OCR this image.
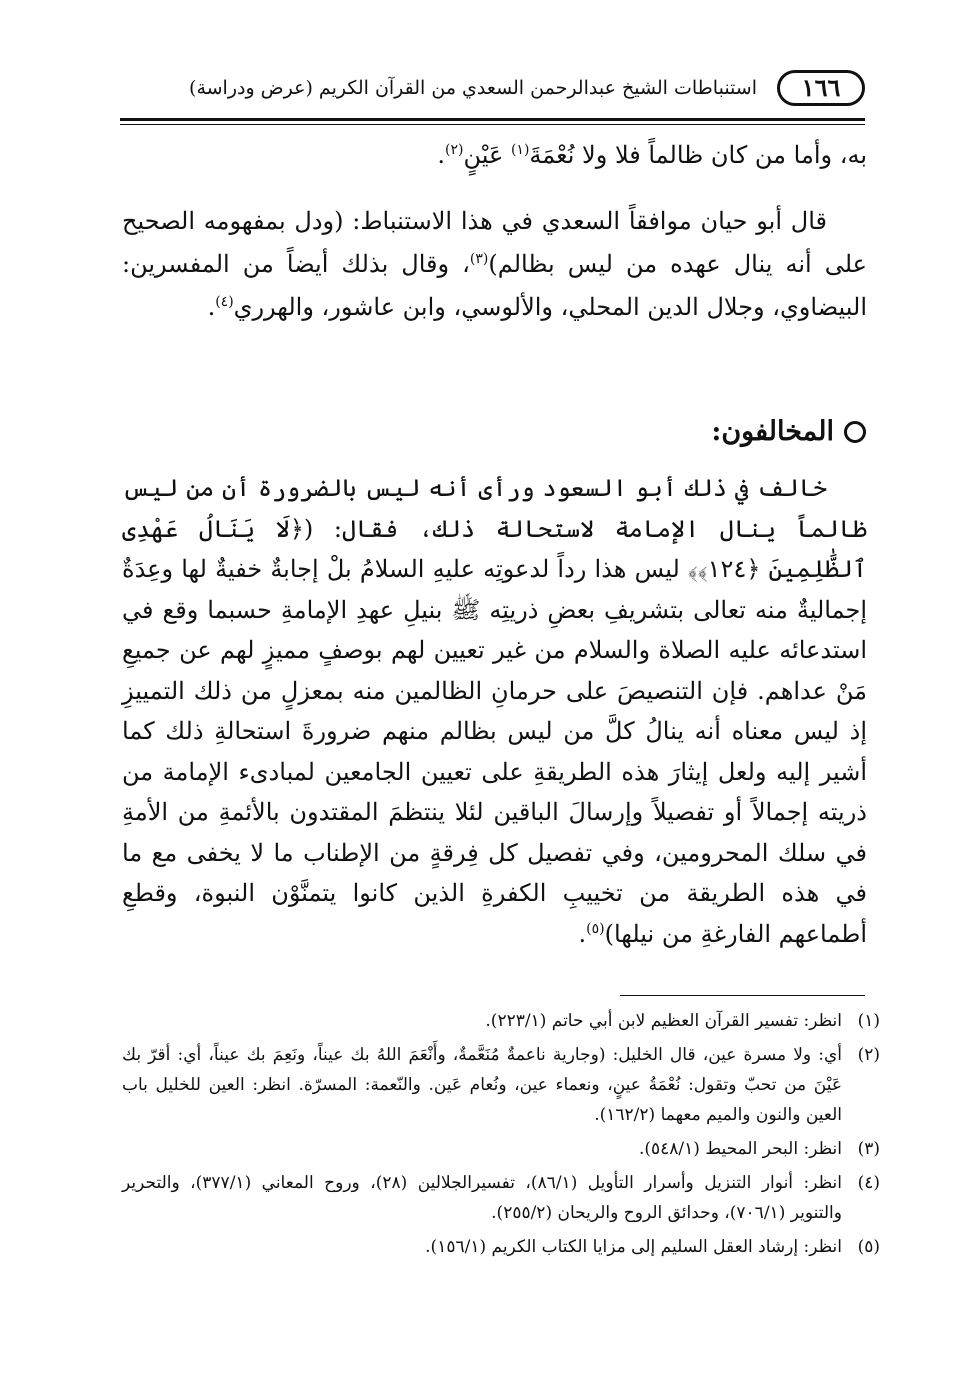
١٦٦
استنباطات الشيخ عبدالرحمن السعدي من القرآن الكريم (عرض ودراسة)
به، وأما من كان ظالماً فلا ولا نُعْمَةَ$^{(١)}$ عَيْنٍ$^{(٢)}$.
قال أبو حيان موافقاً السعدي في هذا الاستنباط: (ودل بمفهومه الصحيح على أنه ينال عهده من ليس بظالم)$^{(٣)}$، وقال بذلك أيضاً من المفسرين: البيضاوي، وجلال الدين المحلي، والألوسي، وابن عاشور، والهرري$^{(٤)}$.
المخالفون:
خالف في ذلك أبو السعود ورأى أنه ليس بالضرورة أن من ليس ظالماً ينال الإمامة لاستحالة ذلك، فقال: (﴿لَا يَنَالُ عَهْدِى ٱلظَّٰلِمِينَ ﴿١٢٤﴾﴾ ليس هذا رداً لدعوتِه عليهِ السلامُ بلْ إجابةٌ خفيةٌ لها وعِدَةٌ إجماليةٌ منه تعالى بتشريفِ بعضِ ذريتِه ﷺ بنيلِ عهدِ الإمامةِ حسبما وقع في استدعائه عليه الصلاة والسلام من غير تعيين لهم بوصفٍ مميزٍ لهم عن جميعِ مَنْ عداهم. فإن التنصيصَ على حرمانِ الظالمين منه بمعزلٍ من ذلك التمييزِ إذ ليس معناه أنه ينالُ كلَّ من ليس بظالم منهم ضرورةَ استحالةِ ذلك كما أشير إليه ولعل إيثارَ هذه الطريقةِ على تعيين الجامعين لمبادىء الإمامة من ذريته إجمالاً أو تفصيلاً وإرسالَ الباقين لئلا ينتظمَ المقتدون بالأئمةِ من الأمةِ في سلك المحرومين، وفي تفصيل كل فِرقةٍ من الإطناب ما لا يخفى مع ما في هذه الطريقة من تخييبِ الكفرةِ الذين كانوا يتمنَّوْن النبوة، وقطعِ أطماعهم الفارغةِ من نيلها)$^{(٥)}$.
(١)
انظر: تفسير القرآن العظيم لابن أبي حاتم (٢٢٣/١).
(٢)
أي: ولا مسرة عين، قال الخليل: (وجارية ناعمةٌ مُنَعَّمةٌ، وأَنْعَمَ اللهُ بك عيناً، ونَعِمَ بك عيناً، أي: أقرّ بك عَيْنَ من تحبّ وتقول: نُعْمَةُ عينٍ، ونعماء عين، ونُعام عَين. والنّعمة: المسرّة. انظر: العين للخليل باب العين والنون والميم معهما (١٦٢/٢).
(٣)
انظر: البحر المحيط (٥٤٨/١).
(٤)
انظر: أنوار التنزيل وأسرار التأويل (٨٦/١)، تفسيرالجلالين (٢٨)، وروح المعاني (٣٧٧/١)، والتحرير والتنوير (٧٠٦/١)، وحدائق الروح والريحان (٢٥٥/٢).
(٥)
انظر: إرشاد العقل السليم إلى مزايا الكتاب الكريم (١٥٦/١).
